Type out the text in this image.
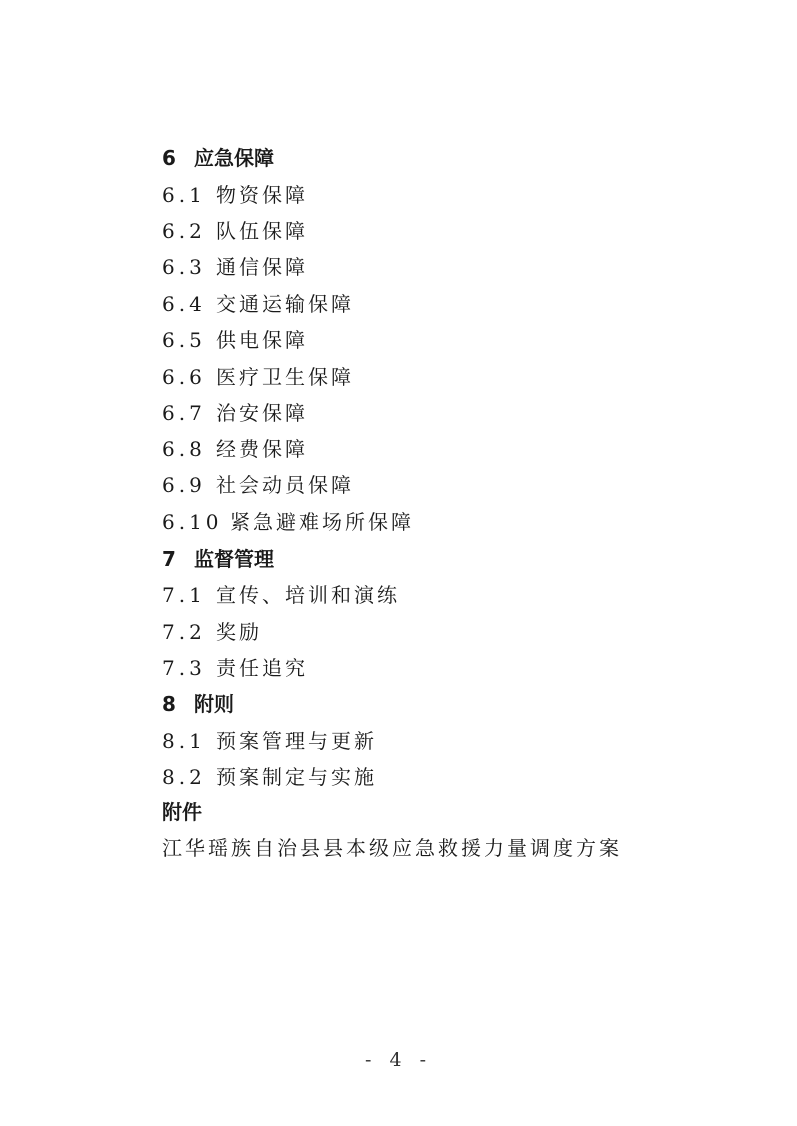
6 应急保障
6.1 物资保障
6.2 队伍保障
6.3 通信保障
6.4 交通运输保障
6.5 供电保障
6.6 医疗卫生保障
6.7 治安保障
6.8 经费保障
6.9 社会动员保障
6.10 紧急避难场所保障
7 监督管理
7.1 宣传、培训和演练
7.2 奖励
7.3 责任追究
8 附则
8.1 预案管理与更新
8.2 预案制定与实施
附件
江华瑶族自治县县本级应急救援力量调度方案
- 4 -
